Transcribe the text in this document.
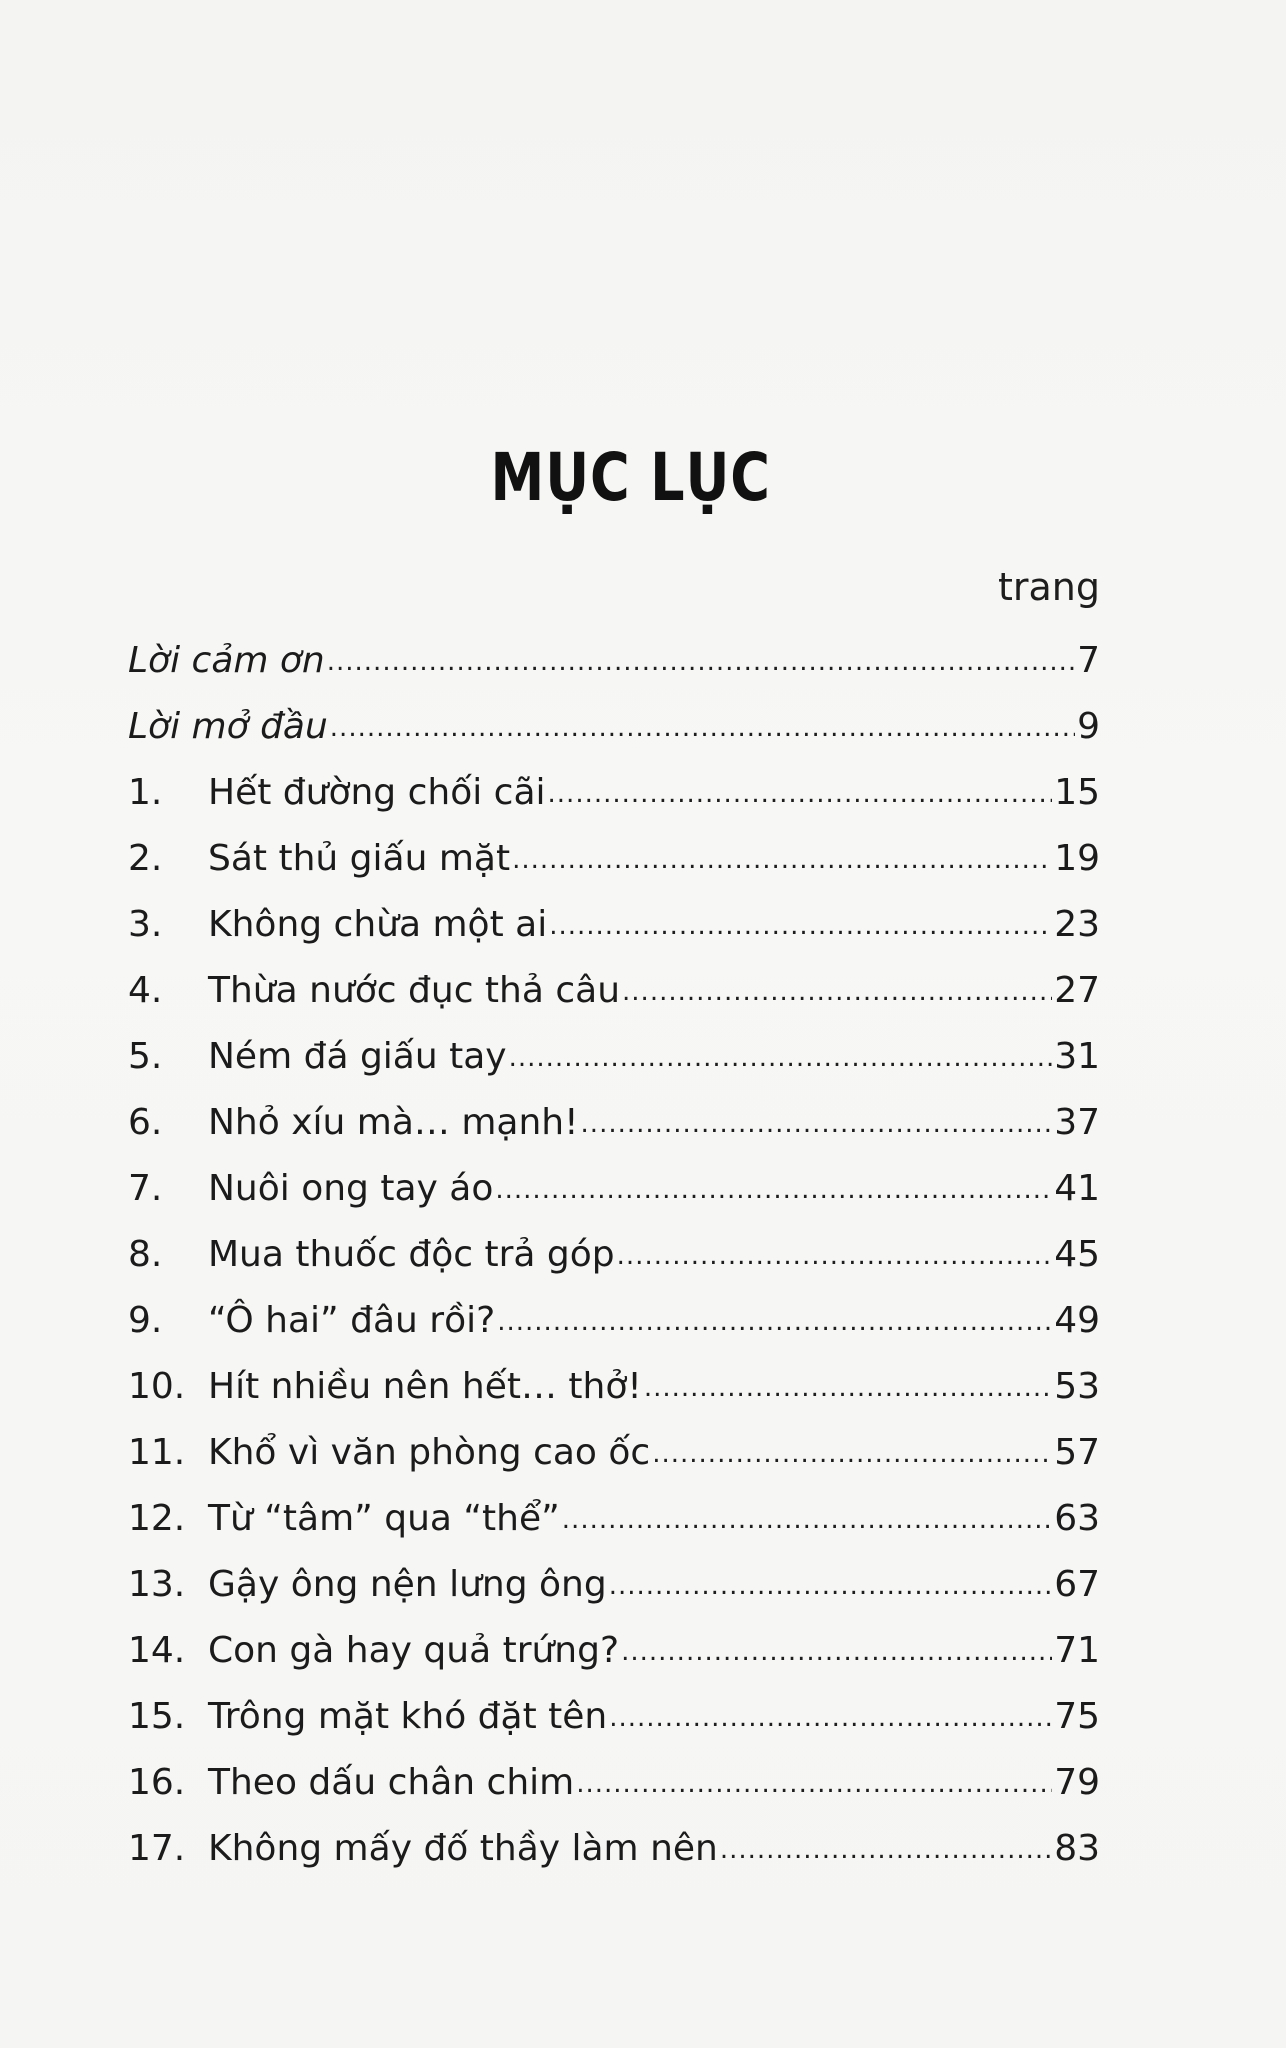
MỤC LỤC
trang
Lời cảm ơn .....	7
Lời mở đầu .....	9
1.	Hết đường chối cãi .....	15
2.	Sát thủ giấu mặt .....	19
3.	Không chừa một ai .....	23
4.	Thừa nước đục thả câu .....	27
5.	Ném đá giấu tay .....	31
6.	Nhỏ xíu mà… mạnh! .....	37
7.	Nuôi ong tay áo .....	41
8.	Mua thuốc độc trả góp .....	45
9.	“Ô hai” đâu rồi? .....	49
10. Hít nhiều nên hết… thở! .....	53
11. Khổ vì văn phòng cao ốc .....	57
12. Từ “tâm” qua “thể” .....	63
13. Gậy ông nện lưng ông .....	67
14. Con gà hay quả trứng? .....	71
15. Trông mặt khó đặt tên .....	75
16. Theo dấu chân chim .....	79
17. Không mấy đố thầy làm nên .....	83
